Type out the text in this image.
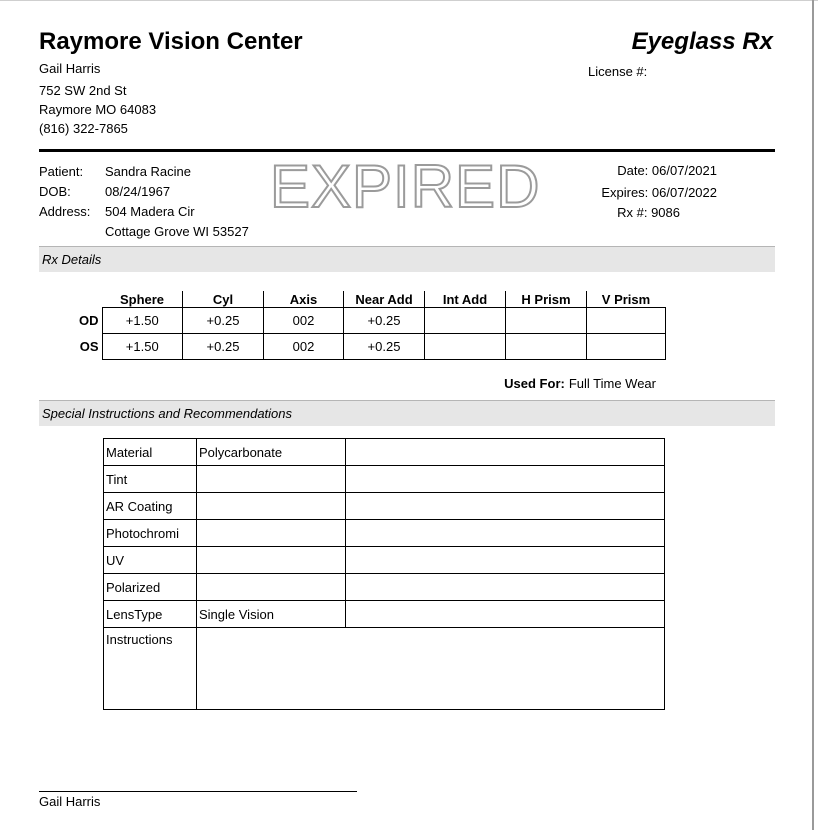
Raymore Vision Center	Eyeglass Rx
Gail Harris
752 SW 2nd St
Raymore MO 64083
(816) 322-7865
License #:
Patient: Sandra Racine
DOB:	08/24/1967
Address: 504 Madera Cir
Cottage Grove WI 53527
EXPIRED	Date: 06/07/2021
Expires: 06/07/2022
Rx #: 9086
Rx Details
	Sphere	Cyl	Axis	Near Add	Int Add	H Prism	V Prism
OD	+1.50	+0.25	002	+0.25			
OS	+1.50	+0.25	002	+0.25			
Used For: Full Time Wear
Special Instructions and Recommendations
Material	Polycarbonate	
Tint		
AR Coating		
Photochromi		
UV		
Polarized		
LensType	Single Vision	
Instructions		
Gail Harris
